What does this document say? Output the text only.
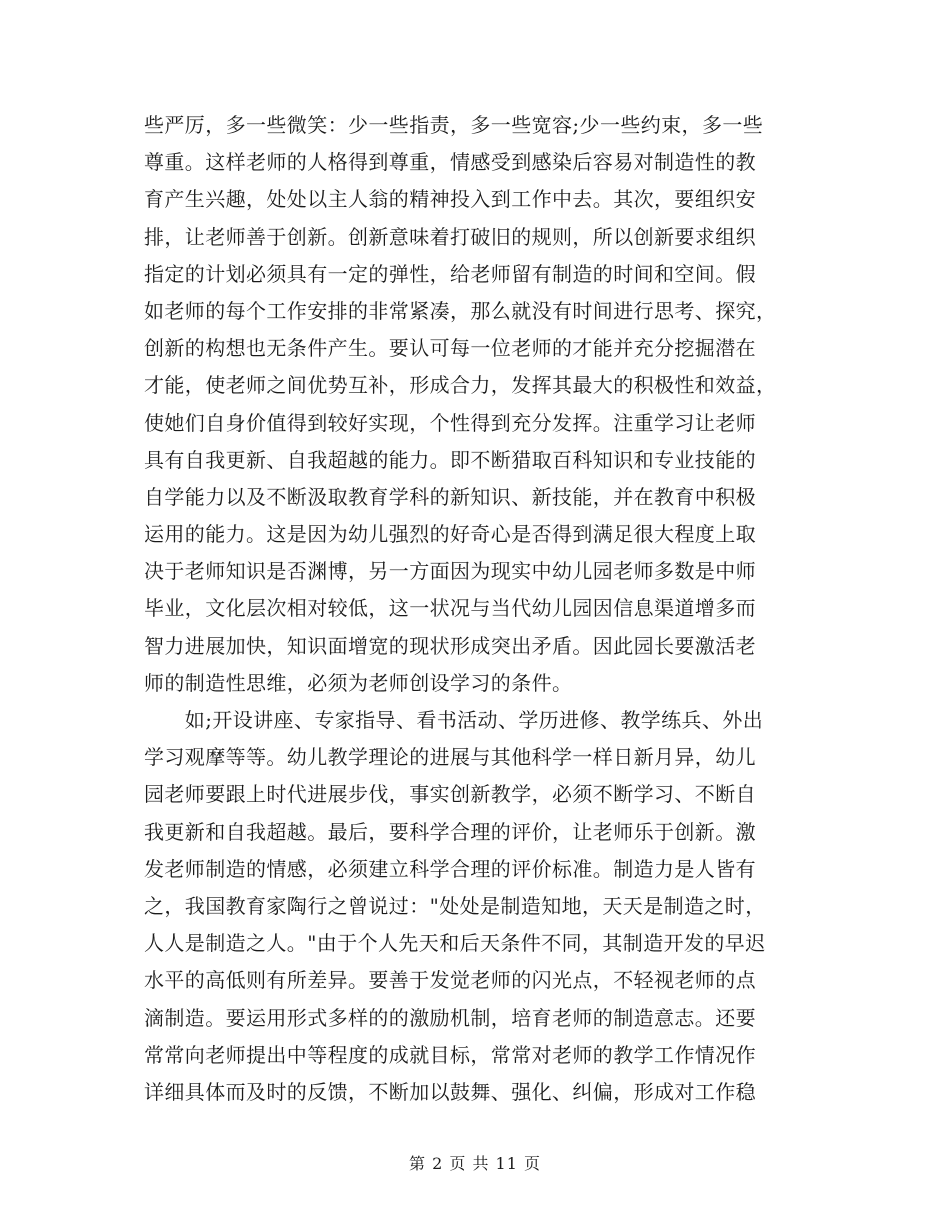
些严厉，多一些微笑：少一些指责，多一些宽容;少一些约束，多一些
尊重。这样老师的人格得到尊重，情感受到感染后容易对制造性的教
育产生兴趣，处处以主人翁的精神投入到工作中去。其次，要组织安
排，让老师善于创新。创新意味着打破旧的规则，所以创新要求组织
指定的计划必须具有一定的弹性，给老师留有制造的时间和空间。假
如老师的每个工作安排的非常紧凑，那么就没有时间进行思考、探究，
创新的构想也无条件产生。要认可每一位老师的才能并充分挖掘潜在
才能，使老师之间优势互补，形成合力，发挥其最大的积极性和效益，
使她们自身价值得到较好实现，个性得到充分发挥。注重学习让老师
具有自我更新、自我超越的能力。即不断猎取百科知识和专业技能的
自学能力以及不断汲取教育学科的新知识、新技能，并在教育中积极
运用的能力。这是因为幼儿强烈的好奇心是否得到满足很大程度上取
决于老师知识是否渊博，另一方面因为现实中幼儿园老师多数是中师
毕业，文化层次相对较低，这一状况与当代幼儿园因信息渠道增多而
智力进展加快，知识面增宽的现状形成突出矛盾。因此园长要激活老
师的制造性思维，必须为老师创设学习的条件。
　　如;开设讲座、专家指导、看书活动、学历进修、教学练兵、外出
学习观摩等等。幼儿教学理论的进展与其他科学一样日新月异，幼儿
园老师要跟上时代进展步伐，事实创新教学，必须不断学习、不断自
我更新和自我超越。最后，要科学合理的评价，让老师乐于创新。激
发老师制造的情感，必须建立科学合理的评价标准。制造力是人皆有
之，我国教育家陶行之曾说过："处处是制造知地，天天是制造之时，
人人是制造之人。"由于个人先天和后天条件不同，其制造开发的早迟
水平的高低则有所差异。要善于发觉老师的闪光点，不轻视老师的点
滴制造。要运用形式多样的的激励机制，培育老师的制造意志。还要
常常向老师提出中等程度的成就目标，常常对老师的教学工作情况作
详细具体而及时的反馈，不断加以鼓舞、强化、纠偏，形成对工作稳
第 2 页 共 11 页
